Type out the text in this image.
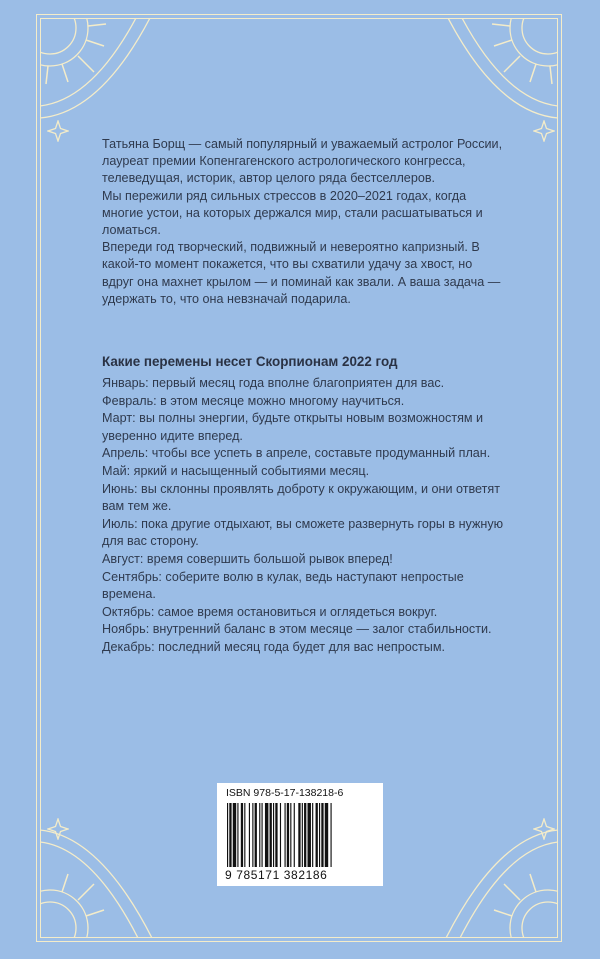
Татьяна Борщ — самый популярный и уважаемый астролог России, лауреат премии Копенгагенского астрологического конгресса, телеведущая, историк, автор целого ряда бестселлеров.

Мы пережили ряд сильных стрессов в 2020–2021 годах, когда многие устои, на которых держался мир, стали расшатываться и ломаться.

Впереди год творческий, подвижный и невероятно капризный. В какой-то момент покажется, что вы схватили удачу за хвост, но вдруг она махнет крылом — и поминай как звали. А ваша задача — удержать то, что она невзначай подарила.

Какие перемены несет Скорпионам 2022 год

Январь: первый месяц года вполне благоприятен для вас.

Февраль: в этом месяце можно многому научиться.

Март: вы полны энергии, будьте открыты новым возможностям и уверенно идите вперед.

Апрель: чтобы все успеть в апреле, составьте продуманный план.

Май: яркий и насыщенный событиями месяц.

Июнь: вы склонны проявлять доброту к окружающим, и они ответят вам тем же.

Июль: пока другие отдыхают, вы сможете развернуть горы в нужную для вас сторону.

Август: время совершить большой рывок вперед!

Сентябрь: соберите волю в кулак, ведь наступают непростые времена.

Октябрь: самое время остановиться и оглядеться вокруг.

Ноябрь: внутренний баланс в этом месяце — залог стабильности.

Декабрь: последний месяц года будет для вас непростым.

ISBN 978-5-17-138218-6
9 785171 382186
